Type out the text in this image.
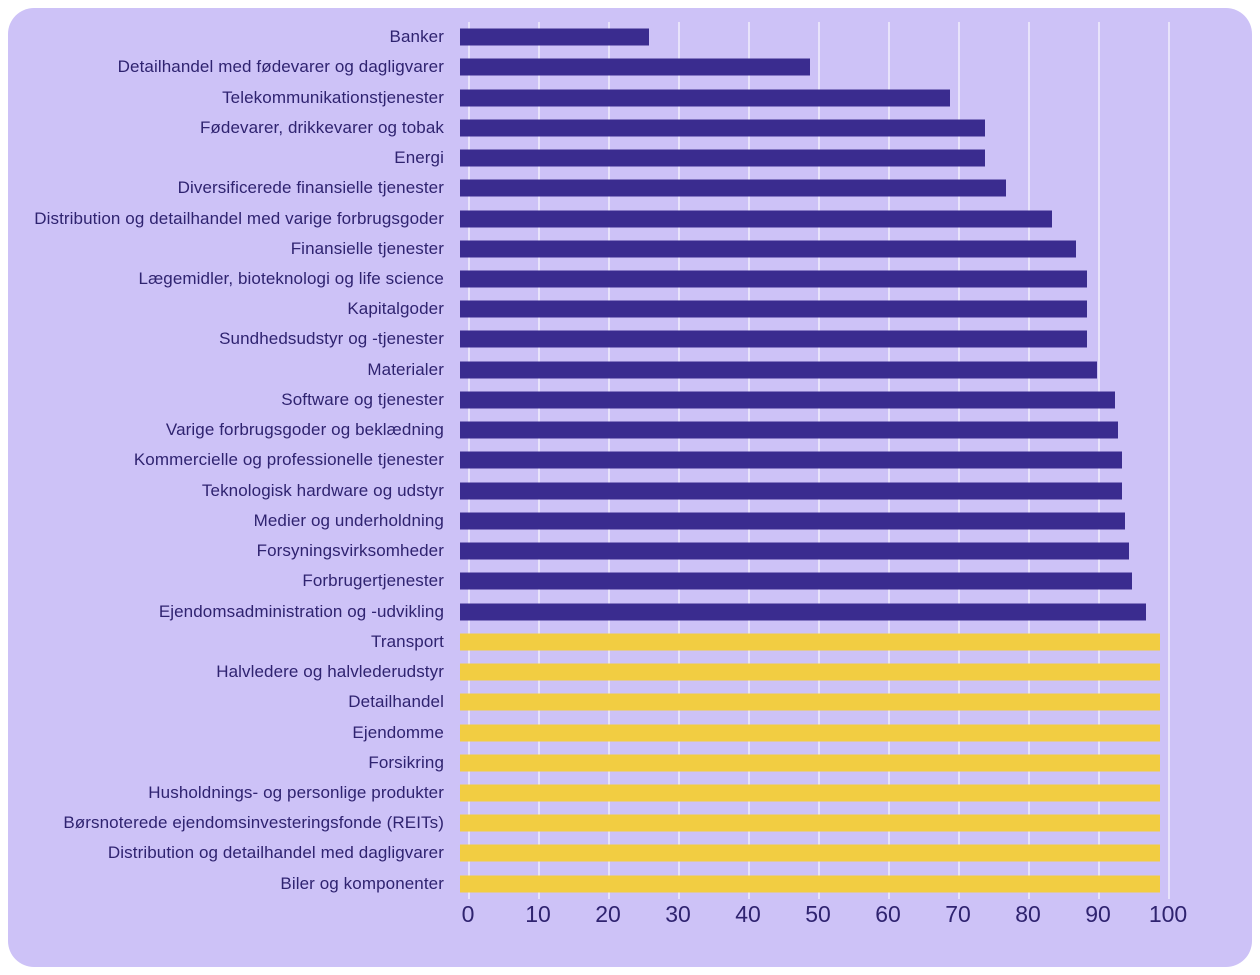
Banker
Detailhandel med fødevarer og dagligvarer
Telekommunikationstjenester
Fødevarer, drikkevarer og tobak
Energi
Diversificerede finansielle tjenester
Distribution og detailhandel med varige forbrugsgoder
Finansielle tjenester
Lægemidler, bioteknologi og life science
Kapitalgoder
Sundhedsudstyr og -tjenester
Materialer
Software og tjenester
Varige forbrugsgoder og beklædning
Kommercielle og professionelle tjenester
Teknologisk hardware og udstyr
Medier og underholdning
Forsyningsvirksomheder
Forbrugertjenester
Ejendomsadministration og -udvikling
Transport
Halvledere og halvlederudstyr
Detailhandel
Ejendomme
Forsikring
Husholdnings- og personlige produkter
Børsnoterede ejendomsinvesteringsfonde (REITs)
Distribution og detailhandel med dagligvarer
Biler og komponenter
0 10 20 30 40 50 60 70 80 90 100
